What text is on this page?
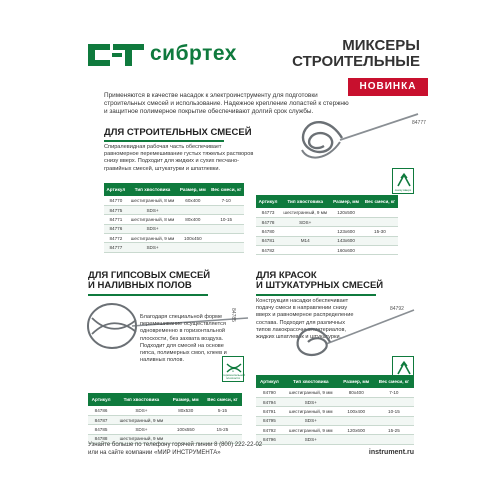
сибртех	МИКСЕРЫ
СТРОИТЕЛЬНЫЕ
НОВИНКА
Применяются в качестве насадок к электроинструменту для подготовки строительных смесей и использование. Надежное крепление лопастей к стержню и защитное полимерное покрытие обеспечивают долгий срок службы.
ДЛЯ СТРОИТЕЛЬНЫХ СМЕСЕЙ
Спиралевидная рабочая часть обеспечивает равномерное перемешивание густых тяжелых растворов снизу вверх. Подходит для жидких и сухих песчано-гравийных смесей, штукатурки и шпатлевки.
84777
снизу вверх
Артикул	Тип хвостовика	Размер, мм	Вес смеси, кг
84770	шестигранный, 8 мм	60x400	7-10
84775	SDS+		
84771	шестигранный, 8 мм	80x400	10-15
84776	SDS+		
84772	шестигранный, 9 мм	100x450	
84777	SDS+		
Артикул	Тип хвостовика	Размер, мм	Вес смеси, кг
84773	шестигранный, 9 мм	120x500	
84778	SDS+		
84780		123x600	15-30
84781	M14	143x600	
84782		160x600	
ДЛЯ ГИПСОВЫХ СМЕСЕЙ
И НАЛИВНЫХ ПОЛОВ
84785
Благодаря специальной форме перемешивание осуществляется одновременно в горизонтальной плоскости, без захвата воздуха. Подходит для смесей на основе гипса, полимерных смол, клеев и наливных полов.
в горизонтальной плоскости
Артикул	Тип хвостовика	Размер, мм	Вес смеси, кг
84786	SDS+	80x530	5-15
84787	шестигранный, 9 мм		
84785	SDS+	100x550	15-25
84788	шестигранный, 9 мм		
ДЛЯ КРАСОК
И ШТУКАТУРНЫХ СМЕСЕЙ
Конструкция насадки обеспечивает подачу смеси в направлении снизу вверх и равномерное распределение состава. Подходит для различных типов лакокрасочных материалов, жидких шпатлевок и штукатурки.
84792
Артикул	Тип хвостовика	Размер, мм	Вес смеси, кг
84790	шестигранный, 9 мм	80x400	7-10
84794	SDS+		
84791	шестигранный, 9 мм	100x400	10-15
84795	SDS+		
84792	шестигранный, 9 мм	120x600	15-25
84796	SDS+		
Узнайте больше по телефону горячей линии 8 (800) 222-22-02
или на сайте компании «МИР ИНСТРУМЕНТА»	instrument.ru
